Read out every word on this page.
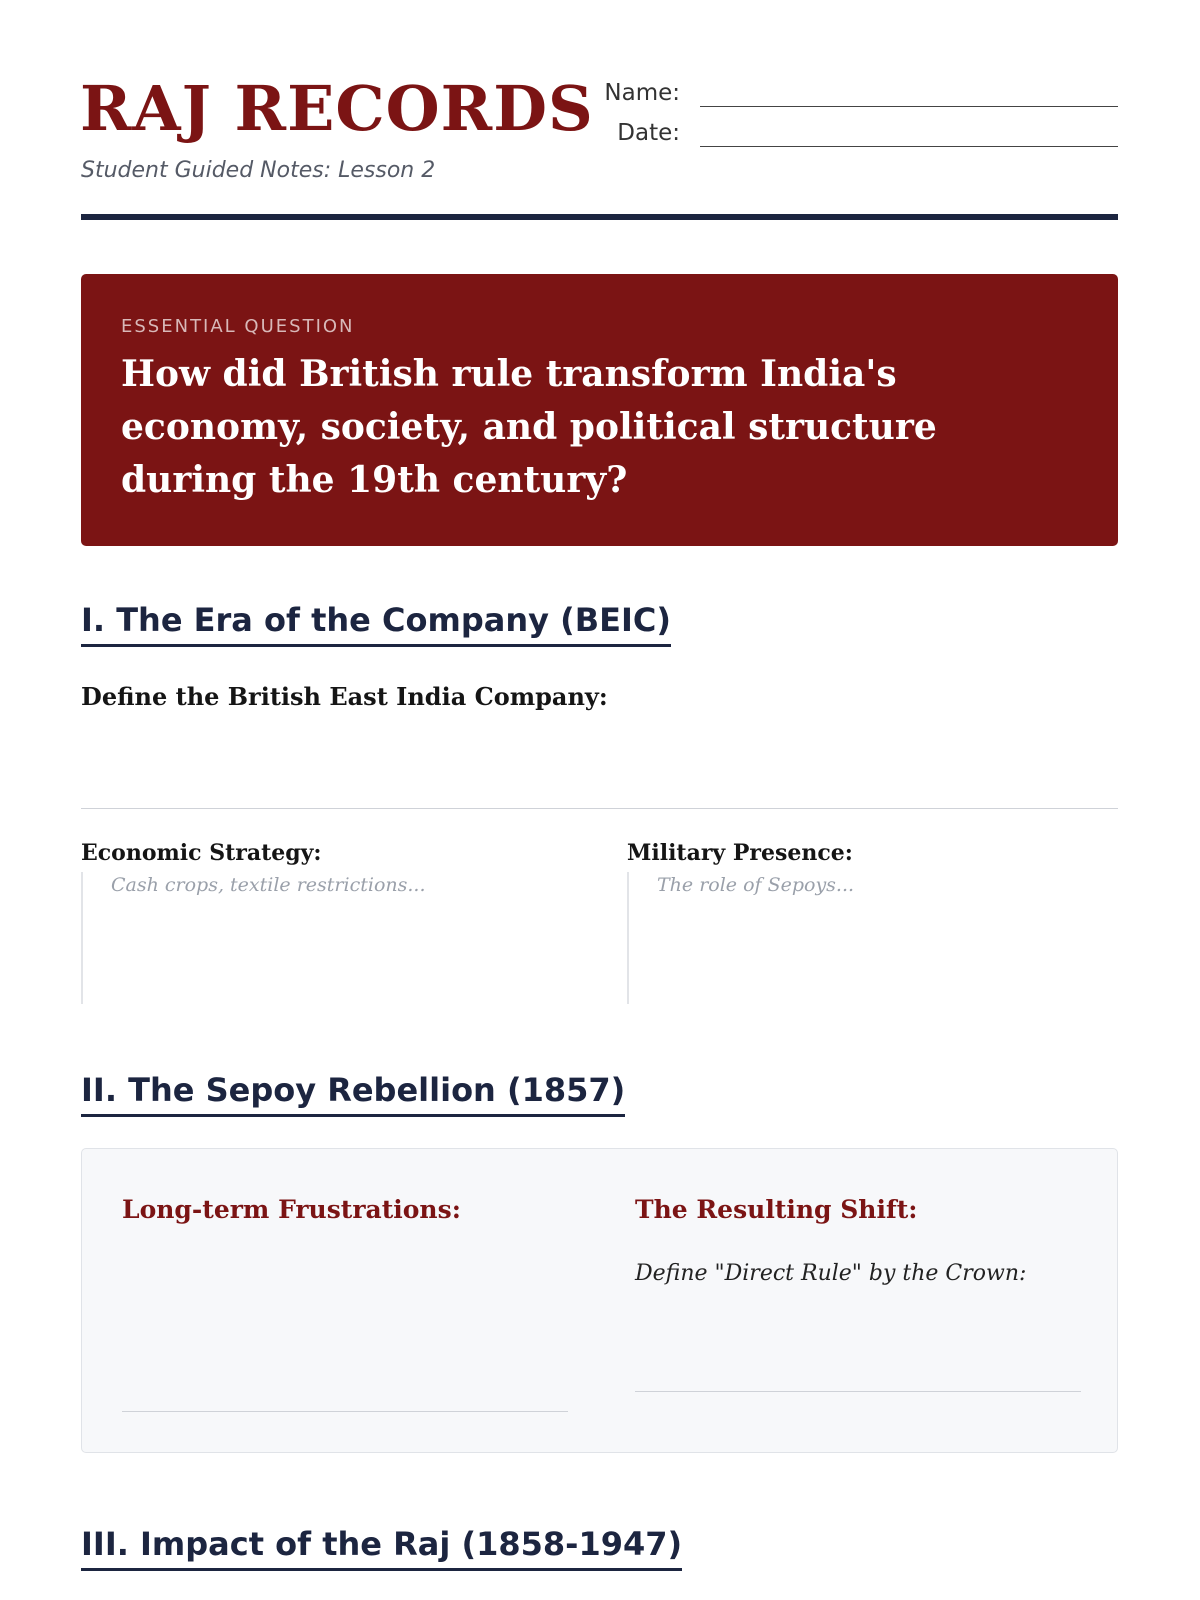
RAJ RECORDS
Student Guided Notes: Lesson 2
Name:
Date:
ESSENTIAL QUESTION
How did British rule transform India's economy, society, and political structure during the 19th century?
I. The Era of the Company (BEIC)
Define the British East India Company:
Economic Strategy:
Cash crops, textile restrictions...
Military Presence:
The role of Sepoys...
II. The Sepoy Rebellion (1857)
Long-term Frustrations:	The Resulting Shift:
Define "Direct Rule" by the Crown:
III. Impact of the Raj (1858-1947)
